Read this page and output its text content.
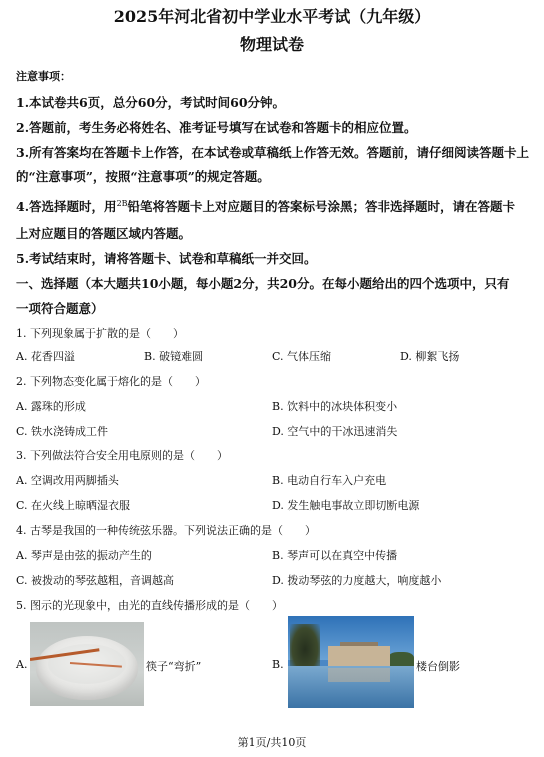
2025年河北省初中学业水平考试（九年级）
物理试卷
注意事项：
1.本试卷共6页，总分60分，考试时间60分钟。
2.答题前，考生务必将姓名、准考证号填写在试卷和答题卡的相应位置。
3.所有答案均在答题卡上作答，在本试卷或草稿纸上作答无效。答题前，请仔细阅读答题卡上
的“注意事项”，按照“注意事项”的规定答题。
4.答选择题时，用$^{2B}$铅笔将答题卡上对应题目的答案标号涂黑；答非选择题时，请在答题卡
上对应题目的答题区域内答题。
5.考试结束时，请将答题卡、试卷和草稿纸一并交回。
一、选择题（本大题共10小题，每小题2分，共20分。在每小题给出的四个选项中，只有
一项符合题意）
1. 下列现象属于扩散的是（　　）
A. 花香四溢	B. 破镜难圆	C. 气体压缩	D. 柳絮飞扬
2. 下列物态变化属于熔化的是（　　）
A. 露珠的形成	B. 饮料中的冰块体积变小
C. 铁水浇铸成工件	D. 空气中的干冰迅速消失
3. 下列做法符合安全用电原则的是（　　）
A. 空调改用两脚插头	B. 电动自行车入户充电
C. 在火线上晾晒湿衣服	D. 发生触电事故立即切断电源
4. 古琴是我国的一种传统弦乐器。下列说法正确的是（　　）
A. 琴声是由弦的振动产生的	B. 琴声可以在真空中传播
C. 被拨动的琴弦越粗，音调越高	D. 拨动琴弦的力度越大，响度越小
5. 图示的光现象中，由光的直线传播形成的是（　　）
A.	筷子“弯折”	B.	楼台倒影
第1页/共10页
